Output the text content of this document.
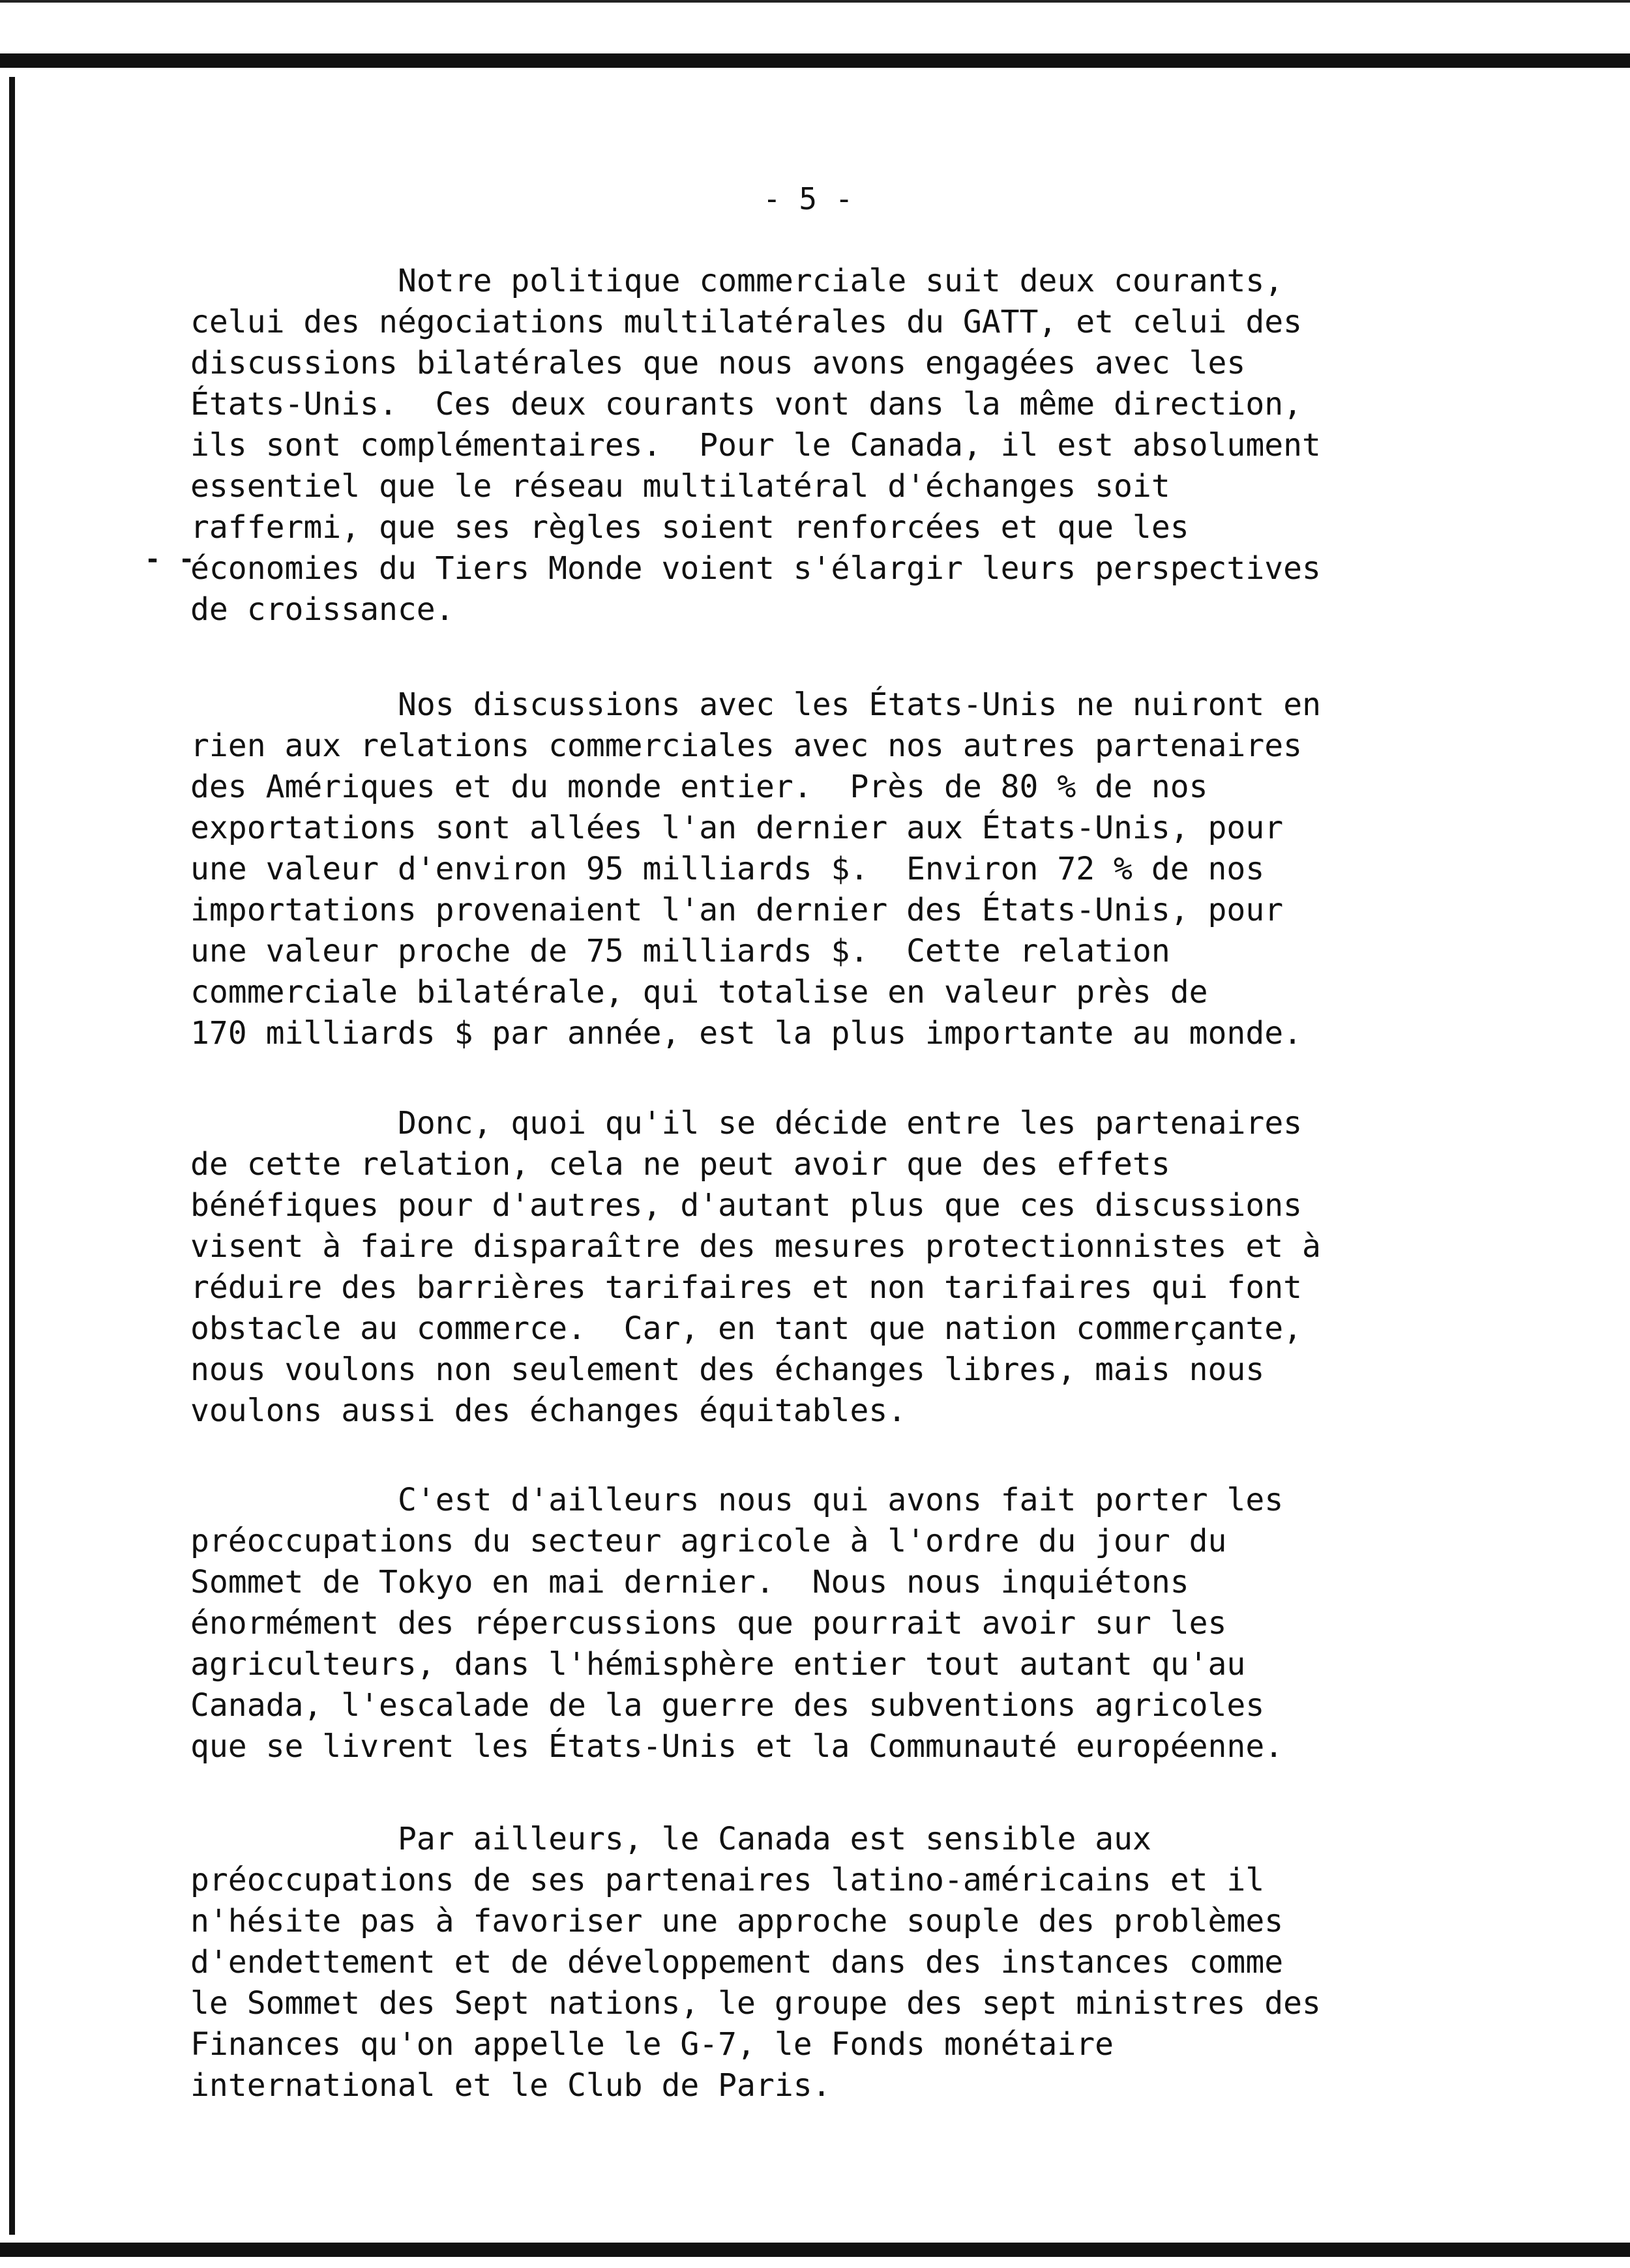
- 5 -
- -
Notre politique commerciale suit deux courants,
celui des négociations multilatérales du GATT, et celui des
discussions bilatérales que nous avons engagées avec les
États-Unis.  Ces deux courants vont dans la même direction,
ils sont complémentaires.  Pour le Canada, il est absolument
essentiel que le réseau multilatéral d'échanges soit
raffermi, que ses règles soient renforcées et que les
économies du Tiers Monde voient s'élargir leurs perspectives
de croissance.
Nos discussions avec les États-Unis ne nuiront en
rien aux relations commerciales avec nos autres partenaires
des Amériques et du monde entier.  Près de 80 % de nos
exportations sont allées l'an dernier aux États-Unis, pour
une valeur d'environ 95 milliards $.  Environ 72 % de nos
importations provenaient l'an dernier des États-Unis, pour
une valeur proche de 75 milliards $.  Cette relation
commerciale bilatérale, qui totalise en valeur près de
170 milliards $ par année, est la plus importante au monde.
Donc, quoi qu'il se décide entre les partenaires
de cette relation, cela ne peut avoir que des effets
bénéfiques pour d'autres, d'autant plus que ces discussions
visent à faire disparaître des mesures protectionnistes et à
réduire des barrières tarifaires et non tarifaires qui font
obstacle au commerce.  Car, en tant que nation commerçante,
nous voulons non seulement des échanges libres, mais nous
voulons aussi des échanges équitables.
C'est d'ailleurs nous qui avons fait porter les
préoccupations du secteur agricole à l'ordre du jour du
Sommet de Tokyo en mai dernier.  Nous nous inquiétons
énormément des répercussions que pourrait avoir sur les
agriculteurs, dans l'hémisphère entier tout autant qu'au
Canada, l'escalade de la guerre des subventions agricoles
que se livrent les États-Unis et la Communauté européenne.
Par ailleurs, le Canada est sensible aux
préoccupations de ses partenaires latino-américains et il
n'hésite pas à favoriser une approche souple des problèmes
d'endettement et de développement dans des instances comme
le Sommet des Sept nations, le groupe des sept ministres des
Finances qu'on appelle le G-7, le Fonds monétaire
international et le Club de Paris.
